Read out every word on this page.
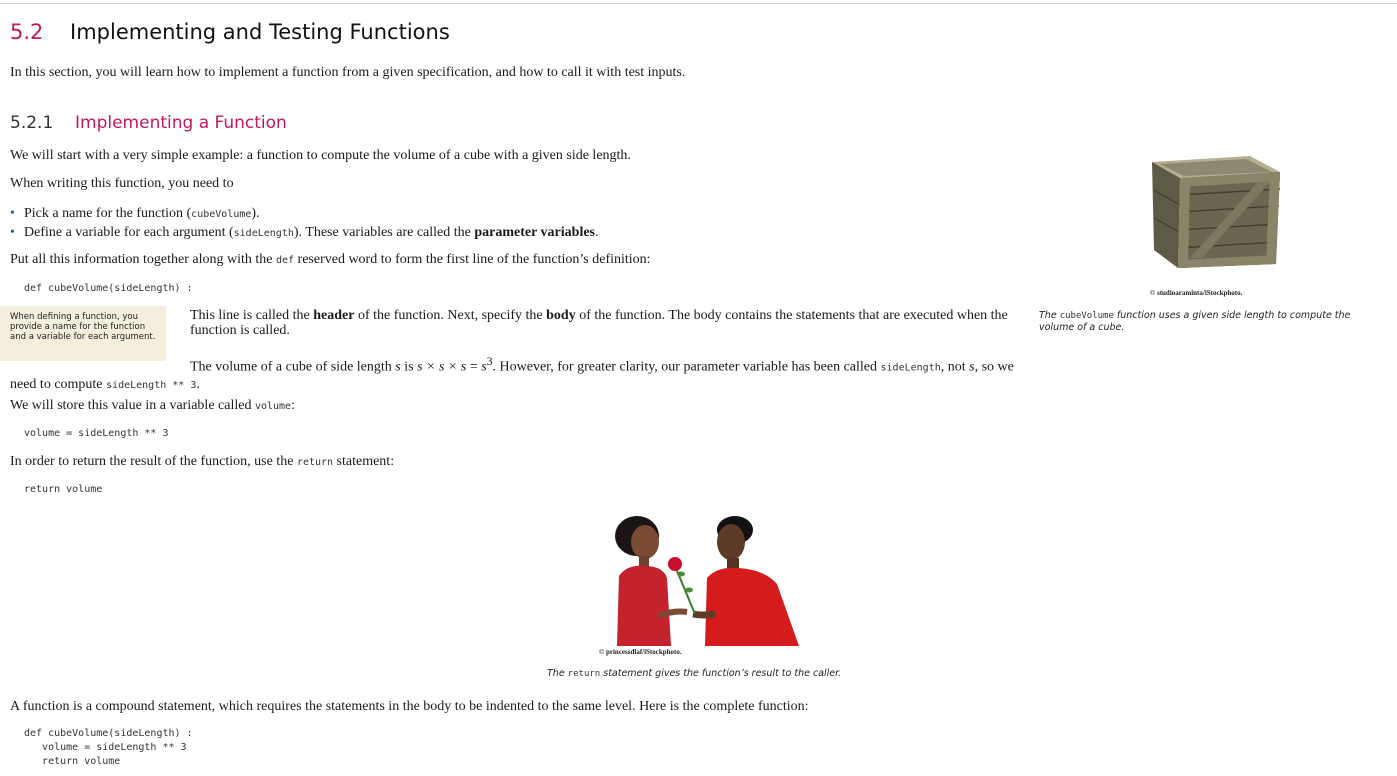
5.2 Implementing and Testing Functions
In this section, you will learn how to implement a function from a given specification, and how to call it with test inputs.
5.2.1 Implementing a Function
We will start with a very simple example: a function to compute the volume of a cube with a given side length.
When writing this function, you need to
• Pick a name for the function (cubeVolume).
• Define a variable for each argument (sideLength). These variables are called the parameter variables.
Put all this information together along with the def reserved word to form the first line of the function’s definition:
def cubeVolume(sideLength) :
When defining a function, you provide a name for the function and a variable for each argument.
This line is called the header of the function. Next, specify the body of the function. The body contains the statements that are executed when the function is called.
The volume of a cube of side length s is $s \times s \times s = s^3$. However, for greater clarity, our parameter variable has been called sideLength, not s, so we need to compute sideLength ** 3.
We will store this value in a variable called volume:
volume = sideLength ** 3
In order to return the result of the function, use the return statement:
return volume
© studioaraminta/iStockphoto.
The cubeVolume function uses a given side length to compute the volume of a cube.
© princessdlaf/iStockphoto.
The return statement gives the function’s result to the caller.
A function is a compound statement, which requires the statements in the body to be indented to the same level. Here is the complete function:
def cubeVolume(sideLength) :
volume = sideLength ** 3
return volume
